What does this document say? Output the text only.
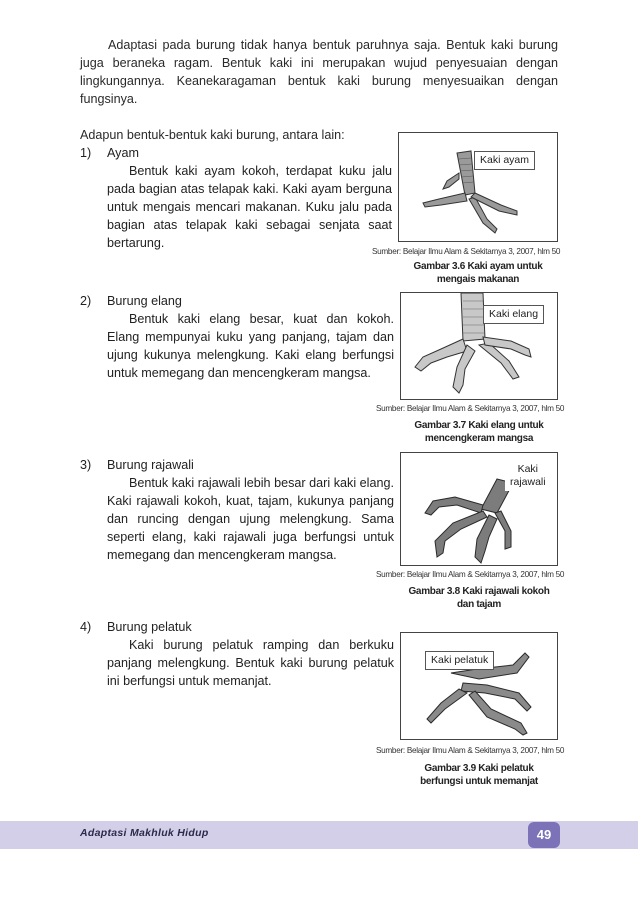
Adaptasi pada burung tidak hanya bentuk paruhnya saja. Bentuk kaki burung juga beraneka ragam. Bentuk kaki ini merupakan wujud penyesuaian dengan lingkungannya. Keanekaragaman bentuk kaki burung menyesuaikan dengan fungsinya.

Adapun bentuk-bentuk kaki burung, antara lain:
1) Ayam

Bentuk kaki ayam kokoh, terdapat kuku jalu pada bagian atas telapak kaki. Kaki ayam berguna untuk mengais mencari makanan. Kuku jalu pada bagian atas telapak kaki sebagai senjata saat bertarung.

Kaki ayam
Sumber: Belajar Ilmu Alam & Sekitarnya 3, 2007, hlm 50
Gambar 3.6 Kaki ayam untuk
mengais makanan
2) Burung elang

Bentuk kaki elang besar, kuat dan kokoh. Elang mempunyai kuku yang panjang, tajam dan ujung kukunya melengkung. Kaki elang berfungsi untuk memegang dan mencengkeram mangsa.

Kaki elang
Sumber: Belajar Ilmu Alam & Sekitarnya 3, 2007, hlm 50
Gambar 3.7 Kaki elang untuk
mencengkeram mangsa
3) Burung rajawali

Bentuk kaki rajawali lebih besar dari kaki elang. Kaki rajawali kokoh, kuat, tajam, kukunya panjang dan runcing dengan ujung melengkung. Sama seperti elang, kaki rajawali juga berfungsi untuk memegang dan mencengkeram mangsa.

Kaki
rajawali
Sumber: Belajar Ilmu Alam & Sekitarnya 3, 2007, hlm 50
Gambar 3.8 Kaki rajawali kokoh
dan tajam
4) Burung pelatuk

Kaki burung pelatuk ramping dan berkuku panjang melengkung. Bentuk kaki burung pelatuk ini berfungsi untuk memanjat.

Kaki pelatuk
Sumber: Belajar Ilmu Alam & Sekitarnya 3, 2007, hlm 50
Gambar 3.9 Kaki pelatuk
berfungsi untuk memanjat
Adaptasi Makhluk Hidup	49
